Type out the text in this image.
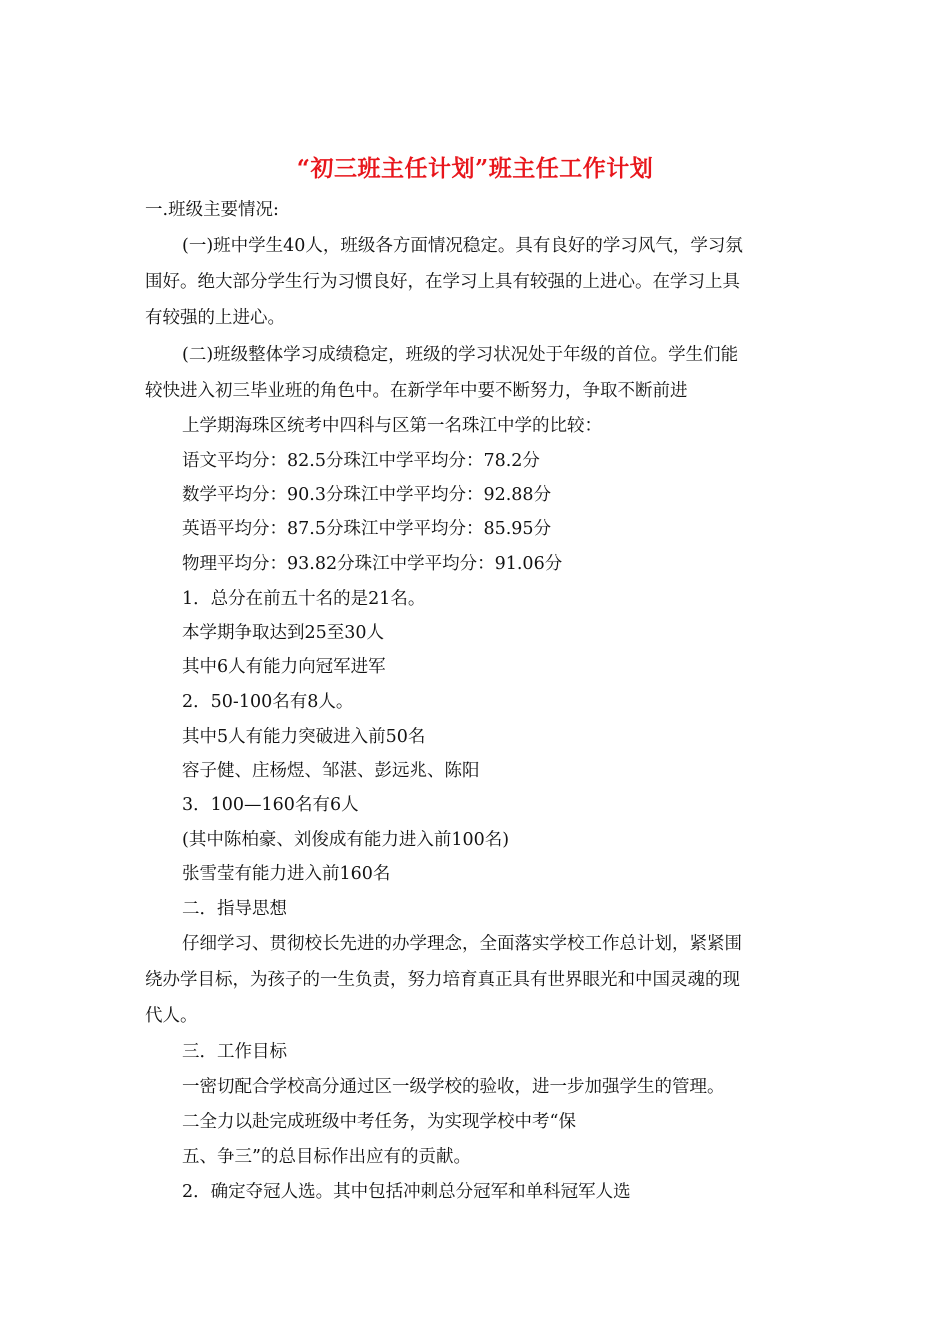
“初三班主任计划”班主任工作计划
一.班级主要情况:
(一)班中学生40人，班级各方面情况稳定。具有良好的学习风气，学习氛
围好。绝大部分学生行为习惯良好，在学习上具有较强的上进心。在学习上具
有较强的上进心。
(二)班级整体学习成绩稳定，班级的学习状况处于年级的首位。学生们能
较快进入初三毕业班的角色中。在新学年中要不断努力，争取不断前进
上学期海珠区统考中四科与区第一名珠江中学的比较：
语文平均分：82.5分珠江中学平均分：78.2分
数学平均分：90.3分珠江中学平均分：92.88分
英语平均分：87.5分珠江中学平均分：85.95分
物理平均分：93.82分珠江中学平均分：91.06分
1．总分在前五十名的是21名。
本学期争取达到25至30人
其中6人有能力向冠军进军
2．50-100名有8人。
其中5人有能力突破进入前50名
容子健、庄杨煜、邹湛、彭远兆、陈阳
3．100—160名有6人
(其中陈柏豪、刘俊成有能力进入前100名)
张雪莹有能力进入前160名
二．指导思想
仔细学习、贯彻校长先进的办学理念，全面落实学校工作总计划，紧紧围
绕办学目标，为孩子的一生负责，努力培育真正具有世界眼光和中国灵魂的现
代人。
三．工作目标
一密切配合学校高分通过区一级学校的验收，进一步加强学生的管理。
二全力以赴完成班级中考任务，为实现学校中考“保
五、争三”的总目标作出应有的贡献。
2．确定夺冠人选。其中包括冲刺总分冠军和单科冠军人选
